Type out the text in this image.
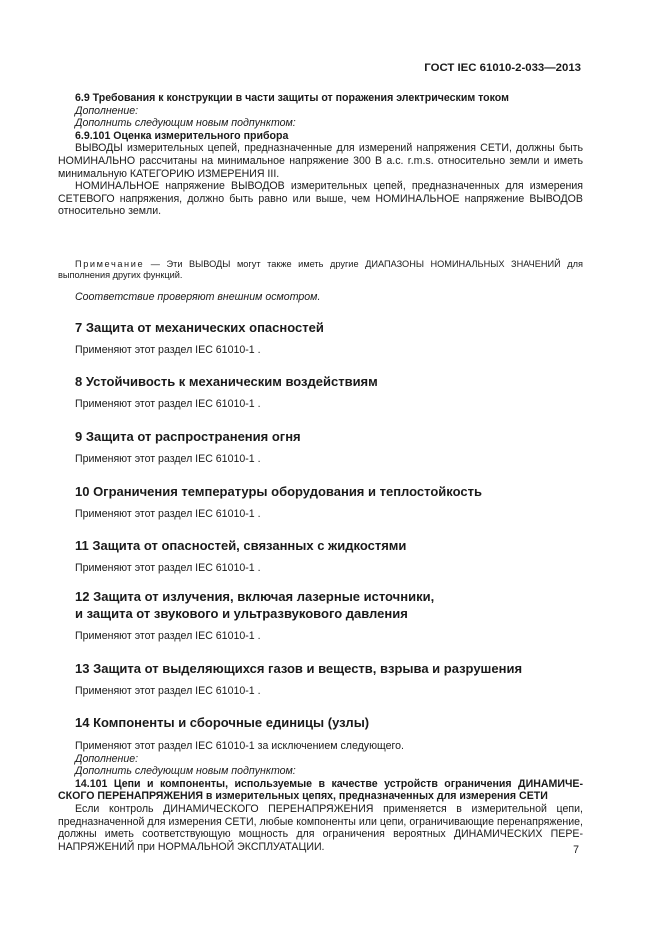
ГОСТ IEC 61010-2-033—2013

6.9 Требования к конструкции в части защиты от поражения электрическим током

Дополнение:

Дополнить следующим новым подпунктом:

6.9.101 Оценка измерительного прибора

ВЫВОДЫ измерительных цепей, предназначенные для измерений напряжения СЕТИ, должны быть НОМИНАЛЬНО рассчитаны на минимальное напряжение 300 В a.c. r.m.s. относительно земли и иметь минимальную КАТЕГОРИЮ ИЗМЕРЕНИЯ III.

НОМИНАЛЬНОЕ напряжение ВЫВОДОВ измерительных цепей, предназначенных для измерения СЕТЕВОГО напряжения, должно быть равно или выше, чем НОМИНАЛЬНОЕ напряжение ВЫВОДОВ относительно земли.

Примечание — Эти ВЫВОДЫ могут также иметь другие ДИАПАЗОНЫ НОМИНАЛЬНЫХ ЗНАЧЕНИЙ для выполнения других функций.

Соответствие проверяют внешним осмотром.

7 Защита от механических опасностей

Применяют этот раздел IEC 61010-1 .

8 Устойчивость к механическим воздействиям

Применяют этот раздел IEC 61010-1 .

9 Защита от распространения огня

Применяют этот раздел IEC 61010-1 .

10 Ограничения температуры оборудования и теплостойкость

Применяют этот раздел IEC 61010-1 .

11 Защита от опасностей, связанных с жидкостями

Применяют этот раздел IEC 61010-1 .

12 Защита от излучения, включая лазерные источники,
и защита от звукового и ультразвукового давления

Применяют этот раздел IEC 61010-1 .

13 Защита от выделяющихся газов и веществ, взрыва и разрушения

Применяют этот раздел IEC 61010-1 .

14 Компоненты и сборочные единицы (узлы)

Применяют этот раздел IEC 61010-1 за исключением следующего.

Дополнение:

Дополнить следующим новым подпунктом:

14.101 Цепи и компоненты, используемые в качестве устройств ограничения ДИНАМИЧЕСКОГО ПЕРЕНАПРЯЖЕНИЯ в измерительных цепях, предназначенных для измерения СЕТИ

Если контроль ДИНАМИЧЕСКОГО ПЕРЕНАПРЯЖЕНИЯ применяется в измерительной цепи, предназначенной для измерения СЕТИ, любые компоненты или цепи, ограничивающие перенапряжение, должны иметь соответствующую мощность для ограничения вероятных ДИНАМИЧЕСКИХ ПЕРЕНАПРЯЖЕНИЙ при НОРМАЛЬНОЙ ЭКСПЛУАТАЦИИ.	7
